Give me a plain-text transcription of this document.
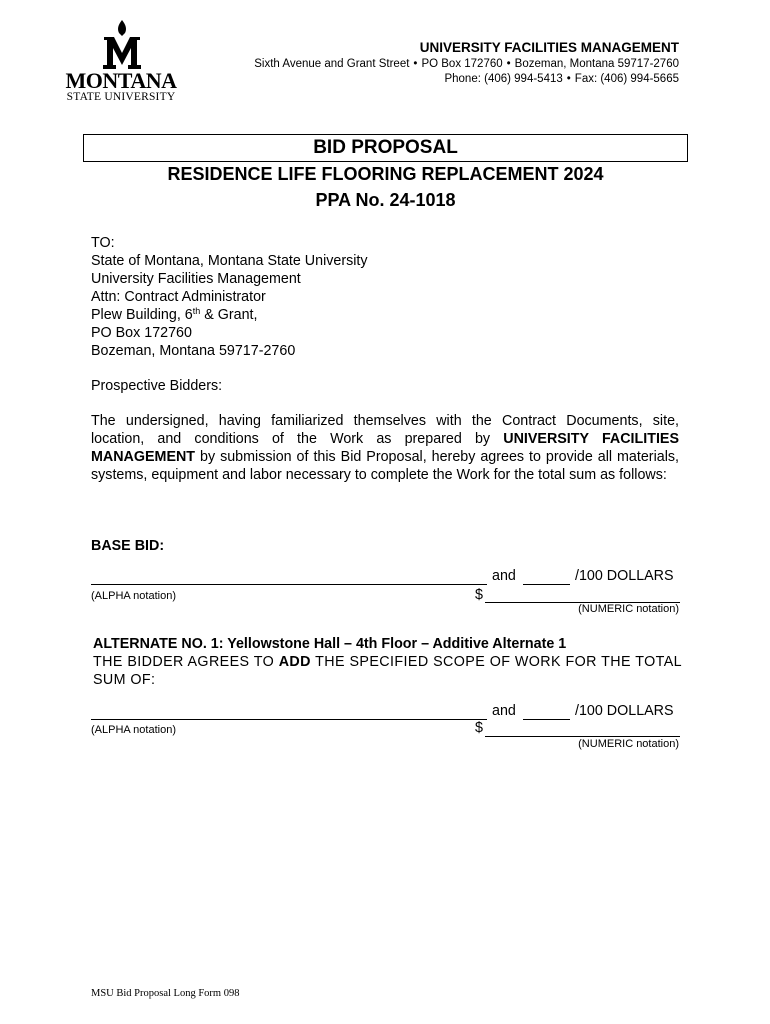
MONTANA
STATE UNIVERSITY
UNIVERSITY FACILITIES MANAGEMENT
Sixth Avenue and Grant Street • PO Box 172760 • Bozeman, Montana 59717-2760
Phone: (406) 994-5413 • Fax: (406) 994-5665
BID PROPOSAL
RESIDENCE LIFE FLOORING REPLACEMENT 2024
PPA No. 24-1018
TO:
State of Montana, Montana State University
University Facilities Management
Attn: Contract Administrator
Plew Building, 6th & Grant,
PO Box 172760
Bozeman, Montana 59717-2760
Prospective Bidders:
The undersigned, having familiarized themselves with the Contract Documents, site, location, and conditions of the Work as prepared by UNIVERSITY FACILITIES MANAGEMENT by submission of this Bid Proposal, hereby agrees to provide all materials, systems, equipment and labor necessary to complete the Work for the total sum as follows:
BASE BID:
and	/100 DOLLARS
(ALPHA notation)	$
(NUMERIC notation)
ALTERNATE NO. 1: Yellowstone Hall – 4th Floor – Additive Alternate 1
THE BIDDER AGREES TO ADD THE SPECIFIED SCOPE OF WORK FOR THE TOTAL SUM OF:
and	/100 DOLLARS
(ALPHA notation)	$
(NUMERIC notation)
MSU Bid Proposal Long Form 098
